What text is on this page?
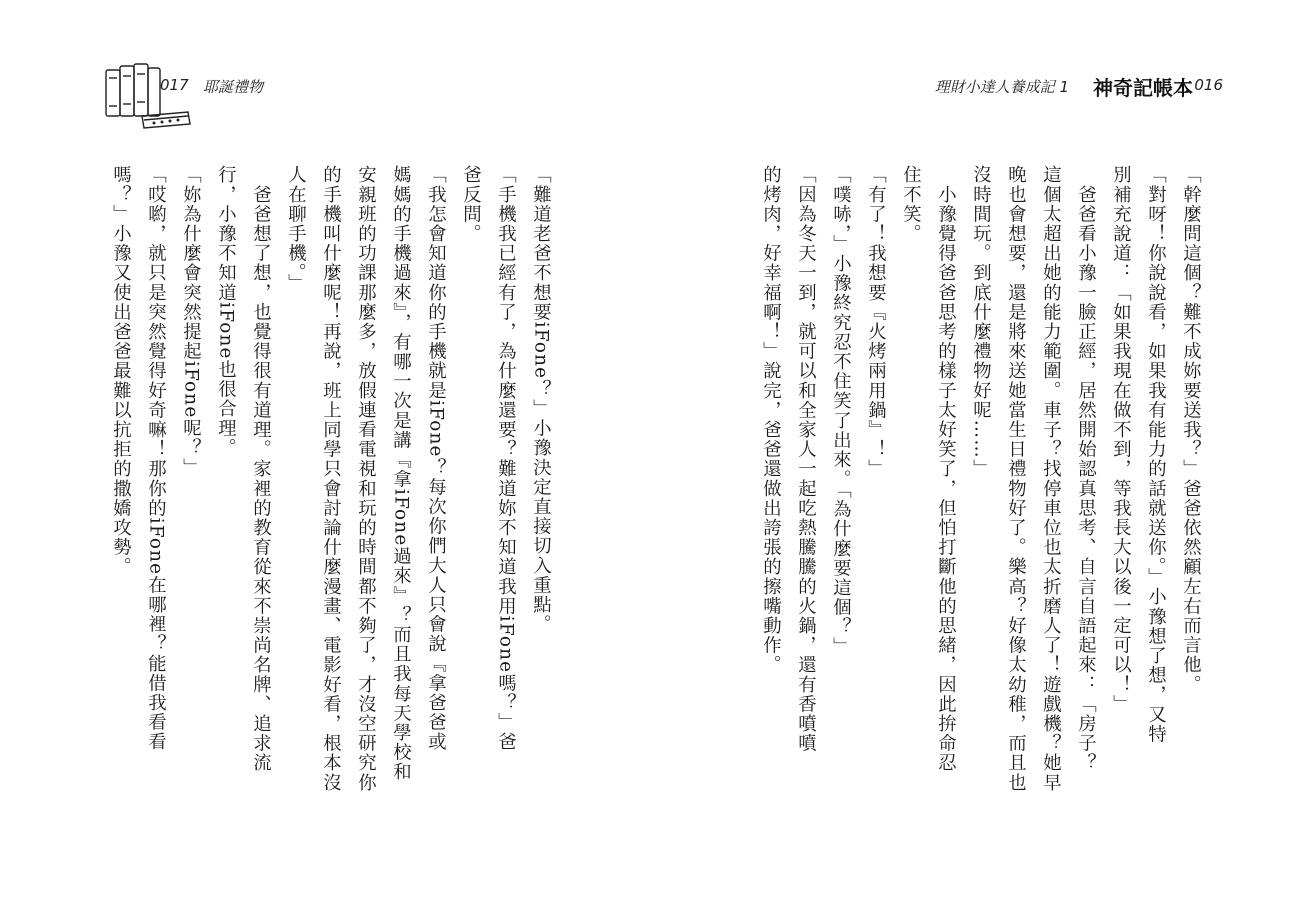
017 耶誕禮物	理財小達人養成記 1 神奇記帳本 016
「幹麼問這個？難不成妳要送我？」爸爸依然顧左右而言他。
「對呀！你說說看，如果我有能力的話就送你。」小豫想了想，又特
別補充說道：「如果我現在做不到，等我長大以後一定可以！」
　爸爸看小豫一臉正經，居然開始認真思考、自言自語起來：「房子？
這個太超出她的能力範圍。車子？找停車位也太折磨人了！遊戲機？她早
晚也會想要，還是將來送她當生日禮物好了。樂高？好像太幼稚，而且也
沒時間玩。到底什麼禮物好呢……」
　小豫覺得爸爸思考的樣子太好笑了，但怕打斷他的思緒，因此拚命忍
住不笑。
「有了！我想要『火烤兩用鍋』！」
「噗哧，」小豫終究忍不住笑了出來。「為什麼要這個？」
「因為冬天一到，就可以和全家人一起吃熱騰騰的火鍋，還有香噴噴
的烤肉，好幸福啊！」說完，爸爸還做出誇張的擦嘴動作。
「難道老爸不想要iFone？」小豫決定直接切入重點。
「手機我已經有了，為什麼還要？難道妳不知道我用iFone嗎？」爸
爸反問。
「我怎會知道你的手機就是iFone？每次你們大人只會說『拿爸爸或
媽媽的手機過來』，有哪一次是講『拿iFone過來』？而且我每天學校和
安親班的功課那麼多，放假連看電視和玩的時間都不夠了，才沒空研究你
的手機叫什麼呢！再說，班上同學只會討論什麼漫畫、電影好看，根本沒
人在聊手機。」
　爸爸想了想，也覺得很有道理。家裡的教育從來不崇尚名牌、追求流
行，小豫不知道iFone也很合理。
「妳為什麼會突然提起iFone呢？」
「哎喲，就只是突然覺得好奇嘛！那你的iFone在哪裡？能借我看看
嗎？」小豫又使出爸爸最難以抗拒的撒嬌攻勢。
